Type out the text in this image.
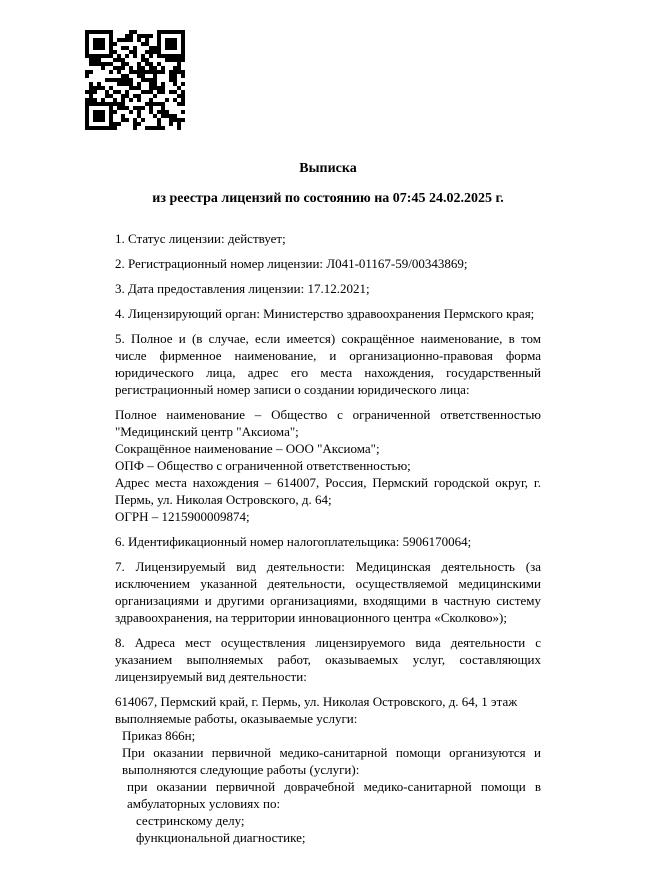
Выписка
из реестра лицензий по состоянию на 07:45 24.02.2025 г.

1. Статус лицензии: действует;

2. Регистрационный номер лицензии: Л041-01167-59/00343869;

3. Дата предоставления лицензии: 17.12.2021;

4. Лицензирующий орган: Министерство здравоохранения Пермского края;

5. Полное и (в случае, если имеется) сокращённое наименование, в том числе фирменное наименование, и организационно-правовая форма юридического лица, адрес его места нахождения, государственный регистрационный номер записи о создании юридического лица:

Полное наименование – Общество с ограниченной ответственностью "Медицинский центр "Аксиома";

Сокращённое наименование – ООО "Аксиома";

ОПФ – Общество с ограниченной ответственностью;

Адрес места нахождения – 614007, Россия, Пермский городской округ, г. Пермь, ул. Николая Островского, д. 64;

ОГРН – 1215900009874;

6. Идентификационный номер налогоплательщика: 5906170064;

7. Лицензируемый вид деятельности: Медицинская деятельность (за исключением указанной деятельности, осуществляемой медицинскими организациями и другими организациями, входящими в частную систему здравоохранения, на территории инновационного центра «Сколково»);

8. Адреса мест осуществления лицензируемого вида деятельности с указанием выполняемых работ, оказываемых услуг, составляющих лицензируемый вид деятельности:

614067, Пермский край, г. Пермь, ул. Николая Островского, д. 64, 1 этаж

выполняемые работы, оказываемые услуги:

Приказ 866н;

При оказании первичной медико-санитарной помощи организуются и выполняются следующие работы (услуги):

при оказании первичной доврачебной медико-санитарной помощи в амбулаторных условиях по:

сестринскому делу;

функциональной диагностике;
